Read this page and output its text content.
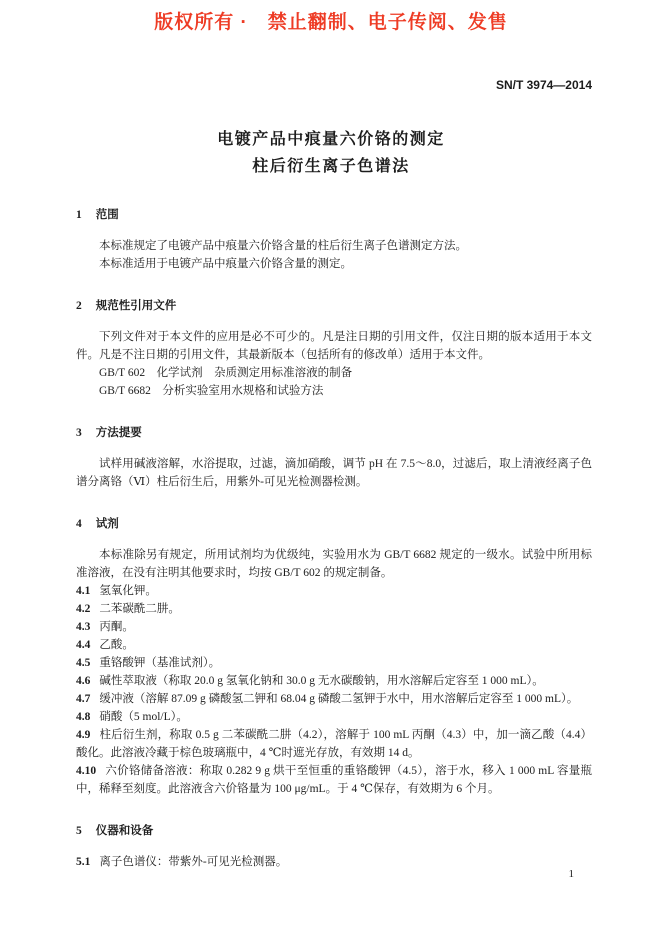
版权所有 ·　禁止翻制、电子传阅、发售
SN/T 3974—2014
电镀产品中痕量六价铬的测定
柱后衍生离子色谱法
1 范围

本标准规定了电镀产品中痕量六价铬含量的柱后衍生离子色谱测定方法。

本标准适用于电镀产品中痕量六价铬含量的测定。

2 规范性引用文件

下列文件对于本文件的应用是必不可少的。凡是注日期的引用文件，仅注日期的版本适用于本文件。凡是不注日期的引用文件，其最新版本（包括所有的修改单）适用于本文件。

GB/T 602　化学试剂　杂质测定用标准溶液的制备

GB/T 6682　分析实验室用水规格和试验方法

3 方法提要

试样用碱液溶解，水浴提取，过滤，滴加硝酸，调节 pH 在 7.5～8.0，过滤后，取上清液经离子色谱分离铬（Ⅵ）柱后衍生后，用紫外-可见光检测器检测。

4 试剂

本标准除另有规定，所用试剂均为优级纯，实验用水为 GB/T 6682 规定的一级水。试验中所用标准溶液，在没有注明其他要求时，均按 GB/T 602 的规定制备。

4.1 氢氧化钾。

4.2 二苯碳酰二肼。

4.3 丙酮。

4.4 乙酸。

4.5 重铬酸钾（基准试剂）。

4.6 碱性萃取液（称取 20.0 g 氢氧化钠和 30.0 g 无水碳酸钠，用水溶解后定容至 1 000 mL）。

4.7 缓冲液（溶解 87.09 g 磷酸氢二钾和 68.04 g 磷酸二氢钾于水中，用水溶解后定容至 1 000 mL）。

4.8 硝酸（5 mol/L）。

4.9 柱后衍生剂，称取 0.5 g 二苯碳酰二肼（4.2），溶解于 100 mL 丙酮（4.3）中，加一滴乙酸（4.4）酸化。此溶液冷藏于棕色玻璃瓶中，4 ℃时遮光存放，有效期 14 d。

4.10 六价铬储备溶液：称取 0.282 9 g 烘干至恒重的重铬酸钾（4.5），溶于水，移入 1 000 mL 容量瓶中，稀释至刻度。此溶液含六价铬量为 100 μg/mL。于 4 ℃保存，有效期为 6 个月。

5 仪器和设备

5.1 离子色谱仪：带紫外-可见光检测器。

1
